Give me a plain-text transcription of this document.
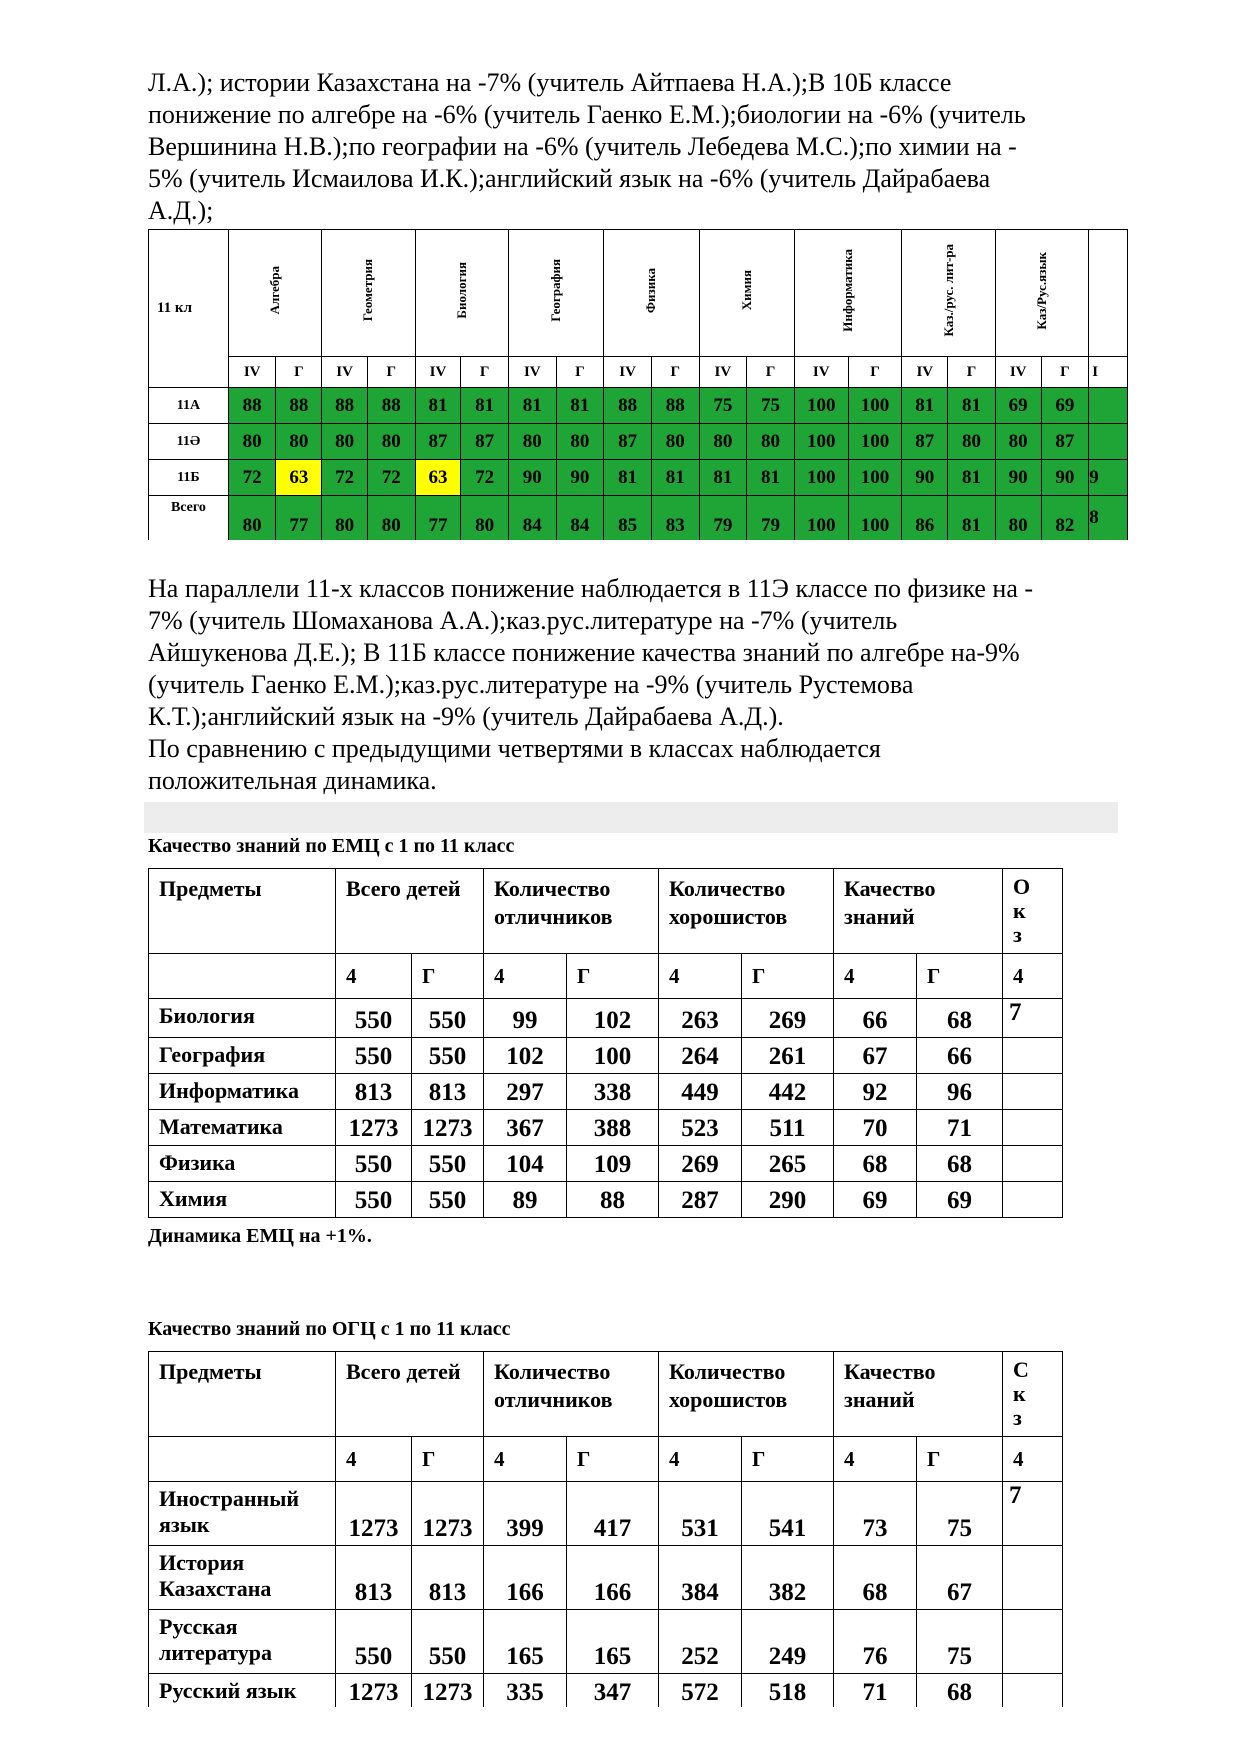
Л.А.); истории Казахстана на -7% (учитель Айтпаева Н.А.);В 10Б классе

понижение по алгебре на -6% (учитель Гаенко Е.М.);биологии на -6% (учитель

Вершинина Н.В.);по географии на -6% (учитель Лебедева М.С.);по химии на -

5% (учитель Исмаилова И.К.);английский язык на -6% (учитель Дайрабаева

А.Д.);

11 кл	Алгебра		Геометрия		Биология		География		Физика		Химия		Информатика		Каз./рус. лит-ра		Каз/Рус.язык		
	IV	Г	IV	Г	IV	Г	IV	Г	IV	Г	IV	Г	IV	Г	IV	Г	IV	Г	I
11А	88	88	88	88	81	81	81	81	88	88	75	75	100	100	81	81	69	69	
11Ә	80	80	80	80	87	87	80	80	87	80	80	80	100	100	87	80	80	87	
11Б	72	63	72	72	63	72	90	90	81	81	81	81	100	100	90	81	90	90	9
Всего	80	77	80	80	77	80	84	84	85	83	79	79	100	100	86	81	80	82	8

На параллели 11-х классов понижение наблюдается в 11Э классе по физике на -

7% (учитель Шомаханова А.А.);каз.рус.литературе на -7% (учитель

Айшукенова Д.Е.); В 11Б классе понижение качества знаний по алгебре на-9%

(учитель Гаенко Е.М.);каз.рус.литературе на -9% (учитель Рустемова

К.Т.);английский язык на -9% (учитель Дайрабаева А.Д.).

По сравнению с предыдущими четвертями в классах наблюдается

положительная динамика.

Качество знаний по ЕМЦ с 1 по 11 класс

Предметы	Всего детей		Количество отличников		Количество хорошистов		Качество знаний		О
к
з

	4	Г	4	Г	4	Г	4	Г	4
Биология	550	550	99	102	263	269	66	68	7
География	550	550	102	100	264	261	67	66	
Информатика	813	813	297	338	449	442	92	96	
Математика	1273	1273	367	388	523	511	70	71	
Физика	550	550	104	109	269	265	68	68	
Химия	550	550	89	88	287	290	69	69	

Динамика ЕМЦ на +1%.

Качество знаний по ОГЦ с 1 по 11 класс

Предметы	Всего детей		Количество отличников		Количество хорошистов		Качество знаний		С
к
з

	4	Г	4	Г	4	Г	4	Г	4
Иностранный язык	1273	1273	399	417	531	541	73	75	7
История Казахстана	813	813	166	166	384	382	68	67	
Русская литература	550	550	165	165	252	249	76	75	
Русский язык	1273	1273	335	347	572	518	71	68	
